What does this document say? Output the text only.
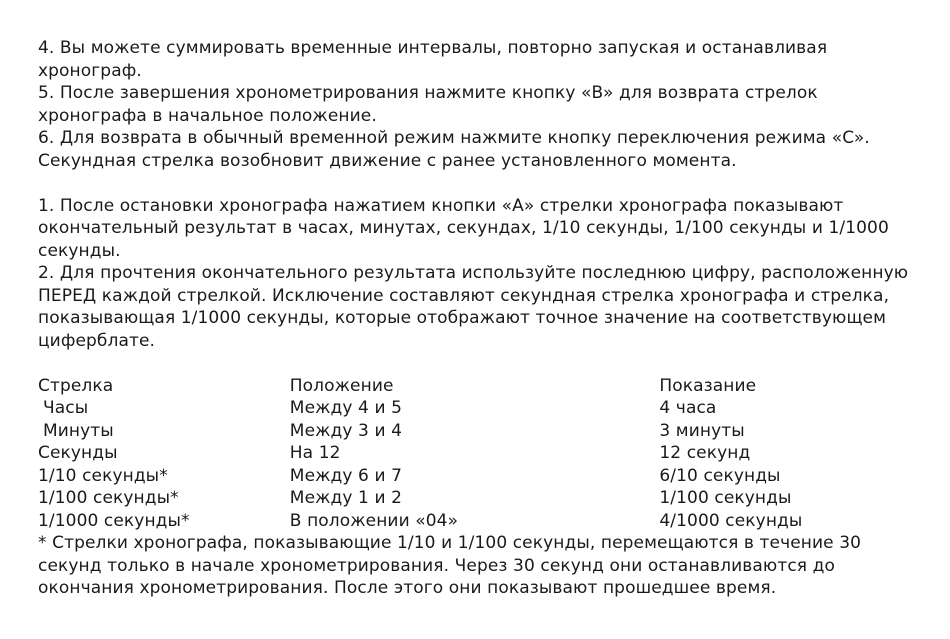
4. Вы можете суммировать временные интервалы, повторно запуская и останавливая хронограф.

5. После завершения хронометрирования нажмите кнопку «B» для возврата стрелок хронографа в начальное положение.

6. Для возврата в обычный временной режим нажмите кнопку переключения режима «C». Секундная стрелка возобновит движение с ранее установленного момента.

1. После остановки хронографа нажатием кнопки «A» стрелки хронографа показывают окончательный результат в часах, минутах, секундах, 1/10 секунды, 1/100 секунды и 1/1000 секунды.

2. Для прочтения окончательного результата используйте последнюю цифру, расположенную ПЕРЕД каждой стрелкой. Исключение составляют секундная стрелка хронографа и стрелка, показывающая 1/1000 секунды, которые отображают точное значение на соответствующем циферблате.

Стрелка	Положение	Показание
Часы	Между 4 и 5	4 часа
Минуты	Между 3 и 4	3 минуты
Секунды	На 12	12 секунд
1/10 секунды*	Между 6 и 7	6/10 секунды
1/100 секунды*	Между 1 и 2	1/100 секунды
1/1000 секунды*	В положении «04»	4/1000 секунды

* Стрелки хронографа, показывающие 1/10 и 1/100 секунды, перемещаются в течение 30 секунд только в начале хронометрирования. Через 30 секунд они останавливаются до окончания хронометрирования. После этого они показывают прошедшее время.
